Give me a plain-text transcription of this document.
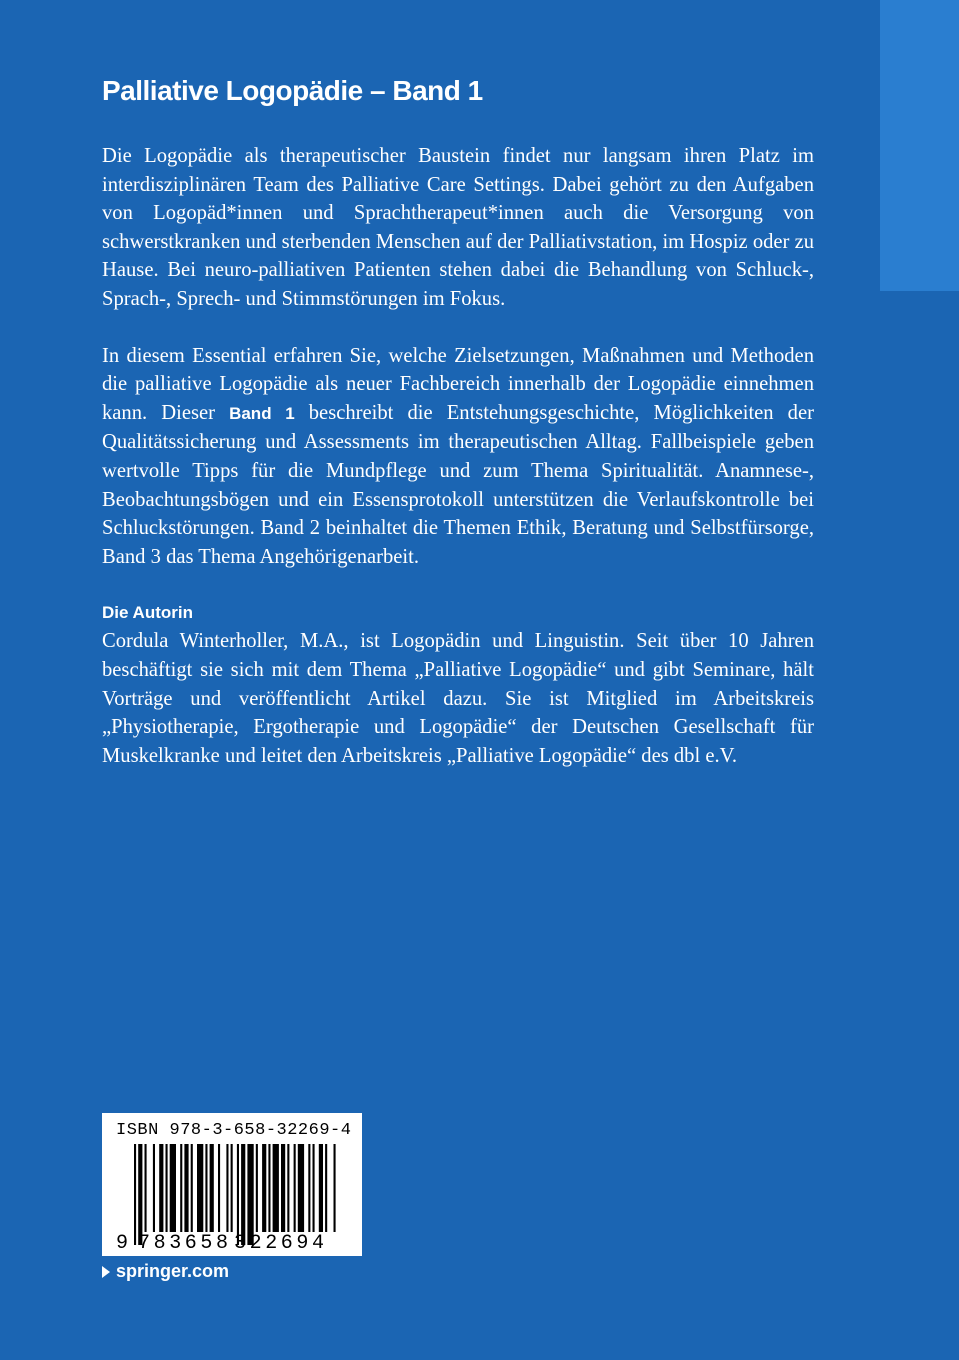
Palliative Logopädie – Band 1

Die Logopädie als therapeutischer Baustein findet nur langsam ihren Platz im interdisziplinären Team des Palliative Care Settings. Dabei gehört zu den Aufgaben von Logopäd*innen und Sprachtherapeut*innen auch die Versorgung von schwerstkranken und sterbenden Menschen auf der Palliativstation, im Hospiz oder zu Hause. Bei neuro-palliativen Patienten stehen dabei die Behandlung von Schluck-, Sprach-, Sprech- und Stimmstörungen im Fokus.

In diesem Essential erfahren Sie, welche Zielsetzungen, Maßnahmen und Methoden die palliative Logopädie als neuer Fachbereich innerhalb der Logopädie einnehmen kann. Dieser Band 1 beschreibt die Entstehungsgeschichte, Möglichkeiten der Qualitätssicherung und Assessments im therapeutischen Alltag. Fallbeispiele geben wertvolle Tipps für die Mundpflege und zum Thema Spiritualität. Anamnese-, Beobachtungsbögen und ein Essensprotokoll unterstützen die Verlaufskontrolle bei Schluckstörungen. Band 2 beinhaltet die Themen Ethik, Beratung und Selbstfürsorge, Band 3 das Thema Angehörigenarbeit.

Die Autorin

Cordula Winterholler, M.A., ist Logopädin und Linguistin. Seit über 10 Jahren beschäftigt sie sich mit dem Thema „Palliative Logopädie“ und gibt Seminare, hält Vorträge und veröffentlicht Artikel dazu. Sie ist Mitglied im Arbeitskreis „Physiotherapie, Ergotherapie und Logopädie“ der Deutschen Gesellschaft für Muskelkranke und leitet den Arbeitskreis „Palliative Logopädie“ des dbl e.V.

ISBN 978-3-658-32269-4
9 783658 322694
springer.com
